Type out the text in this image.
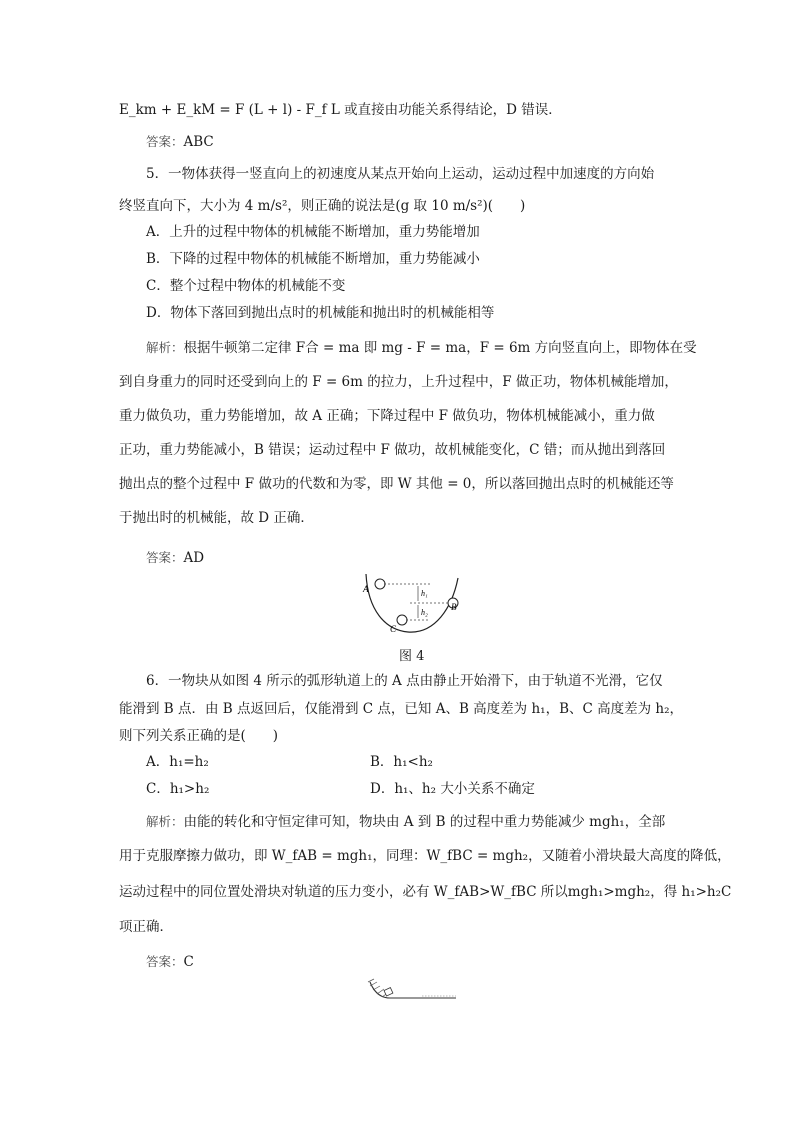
E_km + E_kM = F (L + l) - F_f L 或直接由功能关系得结论，D 错误．
答案：ABC
5．一物体获得一竖直向上的初速度从某点开始向上运动，运动过程中加速度的方向始
终竖直向下，大小为 4 m/s²，则正确的说法是(g 取 10 m/s²)(　　)
A．上升的过程中物体的机械能不断增加，重力势能增加
B．下降的过程中物体的机械能不断增加，重力势能减小
C．整个过程中物体的机械能不变
D．物体下落回到抛出点时的机械能和抛出时的机械能相等
解析：根据牛顿第二定律 F合 = ma 即 mg - F = ma，F = 6m 方向竖直向上，即物体在受
到自身重力的同时还受到向上的 F = 6m 的拉力，上升过程中，F 做正功，物体机械能增加，
重力做负功，重力势能增加，故 A 正确；下降过程中 F 做负功，物体机械能减小，重力做
正功，重力势能减小，B 错误；运动过程中 F 做功，故机械能变化，C 错；而从抛出到落回
抛出点的整个过程中 F 做功的代数和为零，即 W 其他 = 0，所以落回抛出点时的机械能还等
于抛出时的机械能，故 D 正确．
答案：AD
A
B
C
h₁
h₂
图 4
6．一物块从如图 4 所示的弧形轨道上的 A 点由静止开始滑下，由于轨道不光滑，它仅
能滑到 B 点．由 B 点返回后，仅能滑到 C 点，已知 A、B 高度差为 h₁，B、C 高度差为 h₂，
则下列关系正确的是(　　)
A．h₁=h₂	B．h₁<h₂
C．h₁>h₂	D．h₁、h₂ 大小关系不确定
解析：由能的转化和守恒定律可知，物块由 A 到 B 的过程中重力势能减少 mgh₁，全部
用于克服摩擦力做功，即 W_fAB = mgh₁，同理：W_fBC = mgh₂，又随着小滑块最大高度的降低，
运动过程中的同位置处滑块对轨道的压力变小，必有 W_fAB>W_fBC 所以mgh₁>mgh₂，得 h₁>h₂C
项正确．
答案：C
